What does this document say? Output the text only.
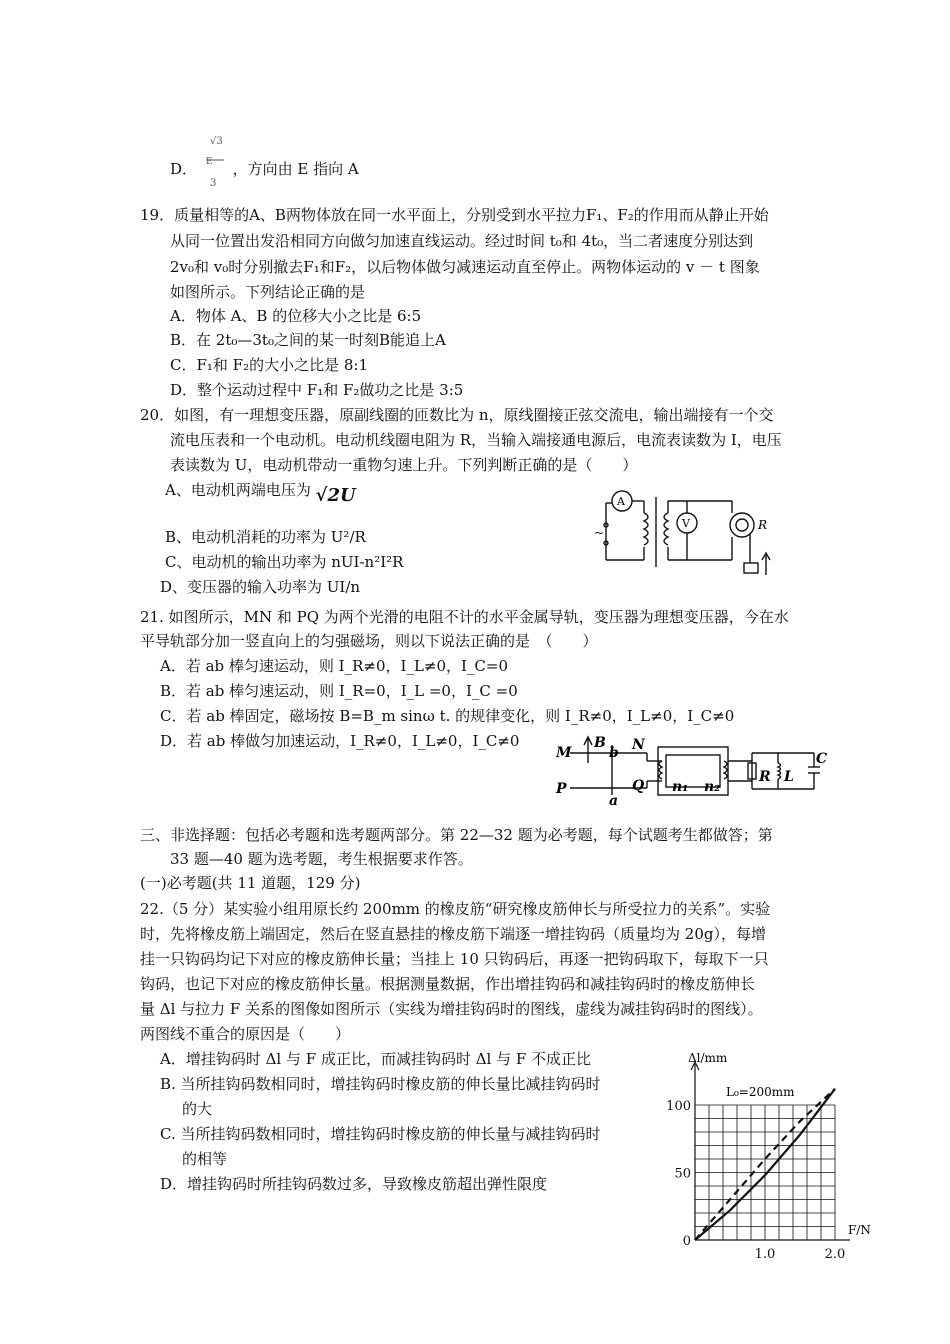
D．
√3
E
3
，方向由 E 指向 A
19．质量相等的A、B两物体放在同一水平面上，分别受到水平拉力F₁、F₂的作用而从静止开始
从同一位置出发沿相同方向做匀加速直线运动。经过时间 t₀和 4t₀，当二者速度分别达到
2v₀和 v₀时分别撤去F₁和F₂，以后物体做匀减速运动直至停止。两物体运动的 v － t 图象
如图所示。下列结论正确的是
A．物体 A、B 的位移大小之比是 6:5
B．在 2t₀—3t₀之间的某一时刻B能追上A
C．F₁和 F₂的大小之比是 8:1
D．整个运动过程中 F₁和 F₂做功之比是 3:5
20．如图，有一理想变压器，原副线圈的匝数比为 n，原线圈接正弦交流电，输出端接有一个交
流电压表和一个电动机。电动机线圈电阻为 R，当输入端接通电源后，电流表读数为 I，电压
表读数为 U，电动机带动一重物匀速上升。下列判断正确的是（　　）
A、电动机两端电压为 √2U
B、电动机消耗的功率为 U²/R
C、电动机的输出功率为 nUI-n²I²R
D、变压器的输入功率为 UI/n
A
V	R
~
21. 如图所示，MN 和 PQ 为两个光滑的电阻不计的水平金属导轨，变压器为理想变压器，今在水
平导轨部分加一竖直向上的匀强磁场，则以下说法正确的是　（　　）
A．若 ab 棒匀速运动，则 I_R≠0，I_L≠0，I_C=0
B．若 ab 棒匀速运动，则 I_R=0，I_L =0，I_C =0
C．若 ab 棒固定，磁场按 B=B_m sinω t. 的规律变化，则 I_R≠0，I_L≠0，I_C≠0
D．若 ab 棒做匀加速运动，I_R≠0，I_L≠0，I_C≠0
M
B
b N
P
a
Q n₁ n₂
R L
C
三、非选择题：包括必考题和选考题两部分。第 22—32 题为必考题，每个试题考生都做答；第
33 题—40 题为选考题，考生根据要求作答。
(一)必考题(共 11 道题，129 分)
22.（5 分）某实验小组用原长约 200mm 的橡皮筋“研究橡皮筋伸长与所受拉力的关系”。实验
时，先将橡皮筋上端固定，然后在竖直悬挂的橡皮筋下端逐一增挂钩码（质量均为 20g），每增
挂一只钩码均记下对应的橡皮筋伸长量；当挂上 10 只钩码后，再逐一把钩码取下，每取下一只
钩码，也记下对应的橡皮筋伸长量。根据测量数据，作出增挂钩码和减挂钩码时的橡皮筋伸长
量 Δl 与拉力 F 关系的图像如图所示（实线为增挂钩码时的图线，虚线为减挂钩码时的图线）。
两图线不重合的原因是（　　）
A．增挂钩码时 Δl 与 F 成正比，而减挂钩码时 Δl 与 F 不成正比
B. 当所挂钩码数相同时，增挂钩码时橡皮筋的伸长量比减挂钩码时
的大
C. 当所挂钩码数相同时，增挂钩码时橡皮筋的伸长量与减挂钩码时
的相等
D．增挂钩码时所挂钩码数过多，导致橡皮筋超出弹性限度
100
50
0
1.0	2.0
Δl/mm
F/N
L₀=200mm
